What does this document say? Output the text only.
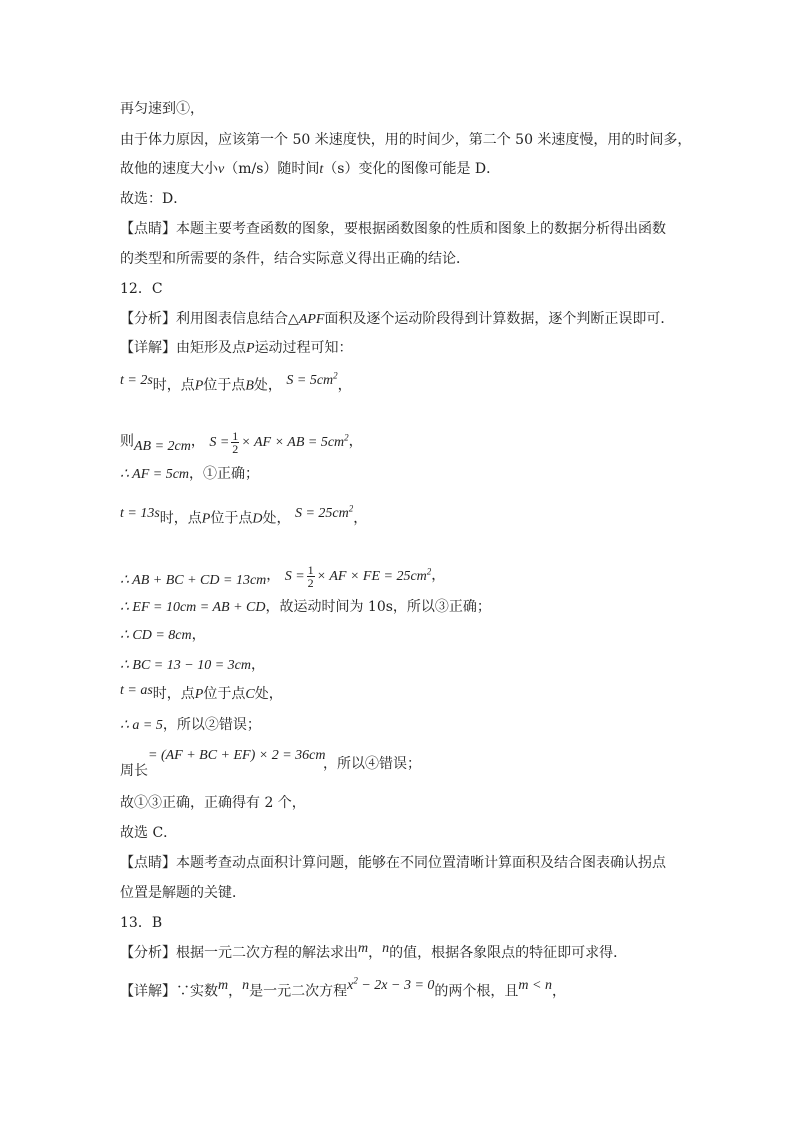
再匀速到①，
由于体力原因，应该第一个 50 米速度快，用的时间少，第二个 50 米速度慢，用的时间多，
故他的速度大小v（m/s）随时间t（s）变化的图像可能是 D．
故选：D．
【点睛】本题主要考查函数的图象，要根据函数图象的性质和图象上的数据分析得出函数
的类型和所需要的条件，结合实际意义得出正确的结论．
12．C
【分析】利用图表信息结合△APF面积及逐个运动阶段得到计算数据，逐个判断正误即可．
【详解】由矩形及点P运动过程可知：
t = 2s时，点P位于点B处， $S = 5cm^2$，
则AB = 2cm， $S = \frac{1}{2}$ × AF × AB = $5cm^2$，
∴ AF = 5cm，①正确；
t = 13s时，点P位于点D处， $S = 25cm^2$，
∴ AB + BC + CD = 13cm， $S = \frac{1}{2}$ × AF × FE = $25cm^2$，
∴ EF = 10cm = AB + CD，故运动时间为 10s，所以③正确；
∴ CD = 8cm，
∴ BC = 13 − 10 = 3cm，
t = as时，点P位于点C处，
∴ a = 5，所以②错误；
= (AF + BC + EF) × 2 = 36cm
周长	，所以④错误；
故①③正确，正确得有 2 个，
故选 C．
【点睛】本题考查动点面积计算问题，能够在不同位置清晰计算面积及结合图表确认拐点
位置是解题的关键．
13．B
【分析】根据一元二次方程的解法求出m，n的值，根据各象限点的特征即可求得．
【详解】∵实数m，n是一元二次方程$x^2 - 2x - 3 = 0$的两个根，且m < n，
